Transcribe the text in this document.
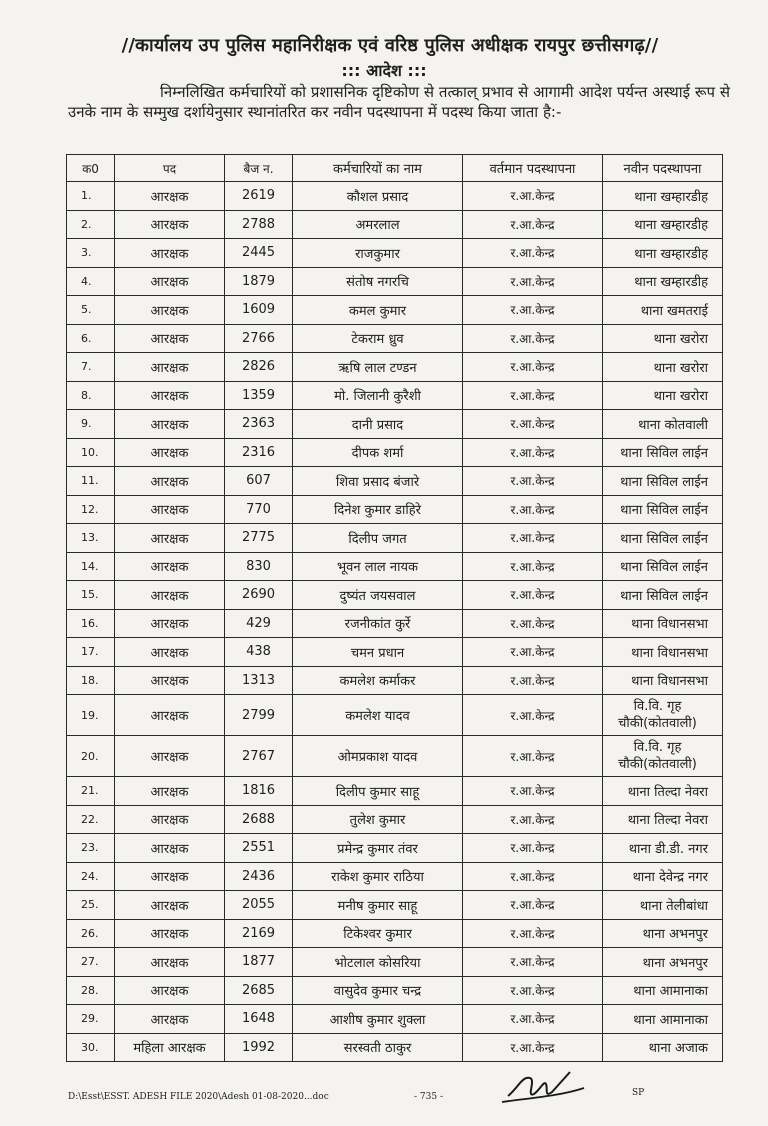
//कार्यालय उप पुलिस महानिरीक्षक एवं वरिष्ठ पुलिस अधीक्षक रायपुर छत्तीसगढ़//
::: आदेश :::
निम्नलिखित कर्मचारियों को प्रशासनिक दृष्टिकोण से तत्काल् प्रभाव से आगामी आदेश पर्यन्त अस्थाई रूप से उनके नाम के सम्मुख दर्शायेनुसार स्थानांतरित कर नवीन पदस्थापना में पदस्थ किया जाता है:-
क0	पद	बैज न.	कर्मचारियों का नाम	वर्तमान पदस्थापना	नवीन पदस्थापना
1.	आरक्षक	2619	कौशल प्रसाद	र.आ.केन्द्र	थाना खम्हारडीह
2.	आरक्षक	2788	अमरलाल	र.आ.केन्द्र	थाना खम्हारडीह
3.	आरक्षक	2445	राजकुमार	र.आ.केन्द्र	थाना खम्हारडीह
4.	आरक्षक	1879	संतोष नगरचि	र.आ.केन्द्र	थाना खम्हारडीह
5.	आरक्षक	1609	कमल कुमार	र.आ.केन्द्र	थाना खमतराई
6.	आरक्षक	2766	टेकराम ध्रुव	र.आ.केन्द्र	थाना खरोरा
7.	आरक्षक	2826	ऋषि लाल टण्डन	र.आ.केन्द्र	थाना खरोरा
8.	आरक्षक	1359	मो. जिलानी कुरैशी	र.आ.केन्द्र	थाना खरोरा
9.	आरक्षक	2363	दानी प्रसाद	र.आ.केन्द्र	थाना कोतवाली
10.	आरक्षक	2316	दीपक शर्मा	र.आ.केन्द्र	थाना सिविल लाईन
11.	आरक्षक	607	शिवा प्रसाद बंजारे	र.आ.केन्द्र	थाना सिविल लाईन
12.	आरक्षक	770	दिनेश कुमार डाहिरे	र.आ.केन्द्र	थाना सिविल लाईन
13.	आरक्षक	2775	दिलीप जगत	र.आ.केन्द्र	थाना सिविल लाईन
14.	आरक्षक	830	भूवन लाल नायक	र.आ.केन्द्र	थाना सिविल लाईन
15.	आरक्षक	2690	दुष्यंत जयसवाल	र.आ.केन्द्र	थाना सिविल लाईन
16.	आरक्षक	429	रजनीकांत कुर्रे	र.आ.केन्द्र	थाना विधानसभा
17.	आरक्षक	438	चमन प्रधान	र.आ.केन्द्र	थाना विधानसभा
18.	आरक्षक	1313	कमलेश कर्माकर	र.आ.केन्द्र	थाना विधानसभा
19.	आरक्षक	2799	कमलेश यादव	र.आ.केन्द्र	वि.वि. गृह चौकी(कोतवाली)
20.	आरक्षक	2767	ओमप्रकाश यादव	र.आ.केन्द्र	वि.वि. गृह चौकी(कोतवाली)
21.	आरक्षक	1816	दिलीप कुमार साहू	र.आ.केन्द्र	थाना तिल्दा नेवरा
22.	आरक्षक	2688	तुलेश कुमार	र.आ.केन्द्र	थाना तिल्दा नेवरा
23.	आरक्षक	2551	प्रमेन्द्र कुमार तंवर	र.आ.केन्द्र	थाना डी.डी. नगर
24.	आरक्षक	2436	राकेश कुमार राठिया	र.आ.केन्द्र	थाना देवेन्द्र नगर
25.	आरक्षक	2055	मनीष कुमार साहू	र.आ.केन्द्र	थाना तेलीबांधा
26.	आरक्षक	2169	टिकेश्वर कुमार	र.आ.केन्द्र	थाना अभनपुर
27.	आरक्षक	1877	भोटलाल कोसरिया	र.आ.केन्द्र	थाना अभनपुर
28.	आरक्षक	2685	वासुदेव कुमार चन्द्र	र.आ.केन्द्र	थाना आमानाका
29.	आरक्षक	1648	आशीष कुमार शुक्ला	र.आ.केन्द्र	थाना आमानाका
30.	महिला आरक्षक	1992	सरस्वती ठाकुर	र.आ.केन्द्र	थाना अजाक
D:\Esst\ESST. ADESH FILE 2020\Adesh 01-08-2020...doc	- 735 -	SP
